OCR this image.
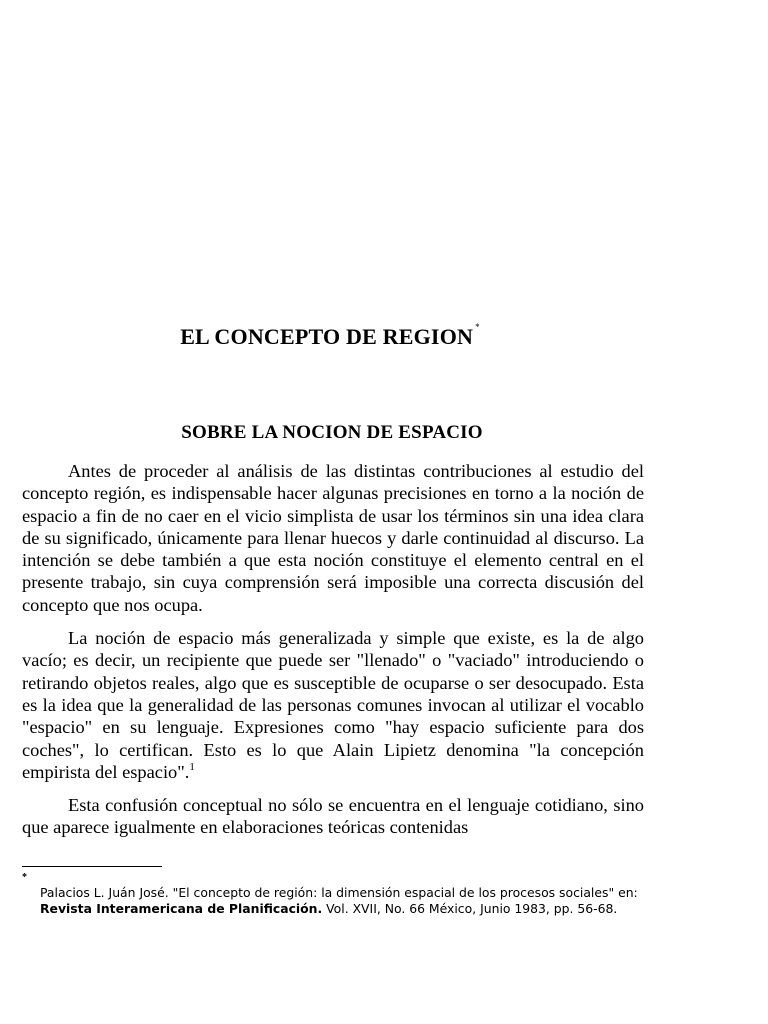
EL CONCEPTO DE REGION *
SOBRE LA NOCION DE ESPACIO

Antes de proceder al análisis de las distintas contribuciones al estudio del concepto región, es indispensable hacer algunas precisiones en torno a la noción de espacio a fin de no caer en el vicio simplista de usar los términos sin una idea clara de su significado, únicamente para llenar huecos y darle continuidad al discurso. La intención se debe también a que esta noción constituye el elemento central en el presente trabajo, sin cuya comprensión será imposible una correcta discusión del concepto que nos ocupa.

La noción de espacio más generalizada y simple que existe, es la de algo vacío; es decir, un recipiente que puede ser "llenado" o "vaciado" introduciendo o retirando objetos reales, algo que es susceptible de ocuparse o ser desocupado. Esta es la idea que la generalidad de las personas comunes invocan al utilizar el vocablo "espacio" en su lenguaje. Expresiones como "hay espacio suficiente para dos coches", lo certifican. Esto es lo que Alain Lipietz denomina "la concepción empirista del espacio".$^1$

Esta confusión conceptual no sólo se encuentra en el lenguaje cotidiano, sino que aparece igualmente en elaboraciones teóricas contenidas

*

Palacios L. Juán José. "El concepto de región: la dimensión espacial de los procesos sociales" en: Revista Interamericana de Planificación. Vol. XVII, No. 66 México, Junio 1983, pp. 56-68.
